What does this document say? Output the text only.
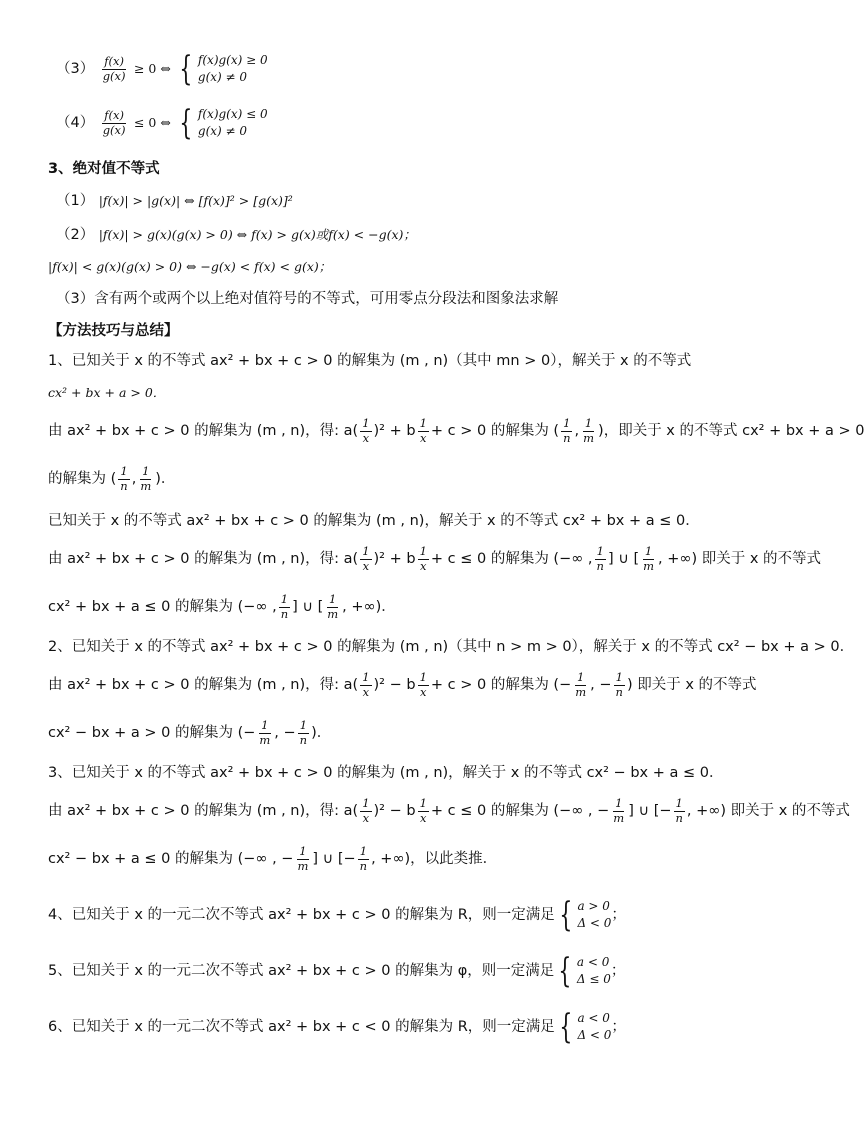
$(3) \frac{f(x)}{g(x)} \ge 0$ ⇔ { f(x)g(x) ≥ 0
g(x) ≠ 0
$(4) \frac{f(x)}{g(x)} \le 0$ ⇔ { f(x)g(x) ≤ 0
g(x) ≠ 0
3、绝对值不等式
（1） |f(x)| > |g(x)| ⇔ [f(x)]² > [g(x)]²
（2） |f(x)| > g(x)(g(x) > 0) ⇔ f(x) > g(x)或f(x) < −g(x)；
|f(x)| < g(x)(g(x) > 0) ⇔ −g(x) < f(x) < g(x)；
（3）含有两个或两个以上绝对值符号的不等式，可用零点分段法和图象法求解
【方法技巧与总结】
1、已知关于 x 的不等式 ax² + bx + c > 0 的解集为 (m , n)（其中 mn > 0），解关于 x 的不等式
cx² + bx + a > 0．
由 ax² + bx + c > 0 的解集为 (m , n)，得: $a( \frac{1}{x} )^2 + b \frac{1}{x} + c > 0$ 的解集为 ( $\frac{1}{n}$ , $\frac{1}{m}$ )，即关于 x 的不等式 cx² + bx + a > 0
的解集为 ( $\frac{1}{n}$ , $\frac{1}{m}$ )．
已知关于 x 的不等式 ax² + bx + c > 0 的解集为 (m , n)，解关于 x 的不等式 cx² + bx + a ≤ 0．
由 ax² + bx + c > 0 的解集为 (m , n)，得: $a( \frac{1}{x} )^2 + b \frac{1}{x} + c \le 0$ 的解集为 (−∞ , $\frac{1}{n}$ ] ∪ [ $\frac{1}{m}$ , +∞) 即关于 x 的不等式
cx² + bx + a ≤ 0 的解集为 (−∞ , $\frac{1}{n}$ ] ∪ [ $\frac{1}{m}$ , +∞)．
2、已知关于 x 的不等式 ax² + bx + c > 0 的解集为 (m , n)（其中 n > m > 0），解关于 x 的不等式 cx² − bx + a > 0．
由 ax² + bx + c > 0 的解集为 (m , n)，得: $a( \frac{1}{x} )^2 - b \frac{1}{x} + c > 0$ 的解集为 (− $\frac{1}{m}$ , − $\frac{1}{n}$ ) 即关于 x 的不等式
cx² − bx + a > 0 的解集为 (− $\frac{1}{m}$ , − $\frac{1}{n}$ )．
3、已知关于 x 的不等式 ax² + bx + c > 0 的解集为 (m , n)，解关于 x 的不等式 cx² − bx + a ≤ 0．
由 ax² + bx + c > 0 的解集为 (m , n)，得: $a( \frac{1}{x} )^2 - b \frac{1}{x} + c \le 0$ 的解集为 (−∞ , − $\frac{1}{m}$ ] ∪ [− $\frac{1}{n}$ , +∞) 即关于 x 的不等式
cx² − bx + a ≤ 0 的解集为 (−∞ , − $\frac{1}{m}$ ] ∪ [− $\frac{1}{n}$ , +∞)，以此类推．
4、已知关于 x 的一元二次不等式 ax² + bx + c > 0 的解集为 R，则一定满足 { a > 0
Δ < 0 ；
5、已知关于 x 的一元二次不等式 ax² + bx + c > 0 的解集为 φ，则一定满足 { a < 0
Δ ≤ 0 ；
6、已知关于 x 的一元二次不等式 ax² + bx + c < 0 的解集为 R，则一定满足 { a < 0
Δ < 0 ；
